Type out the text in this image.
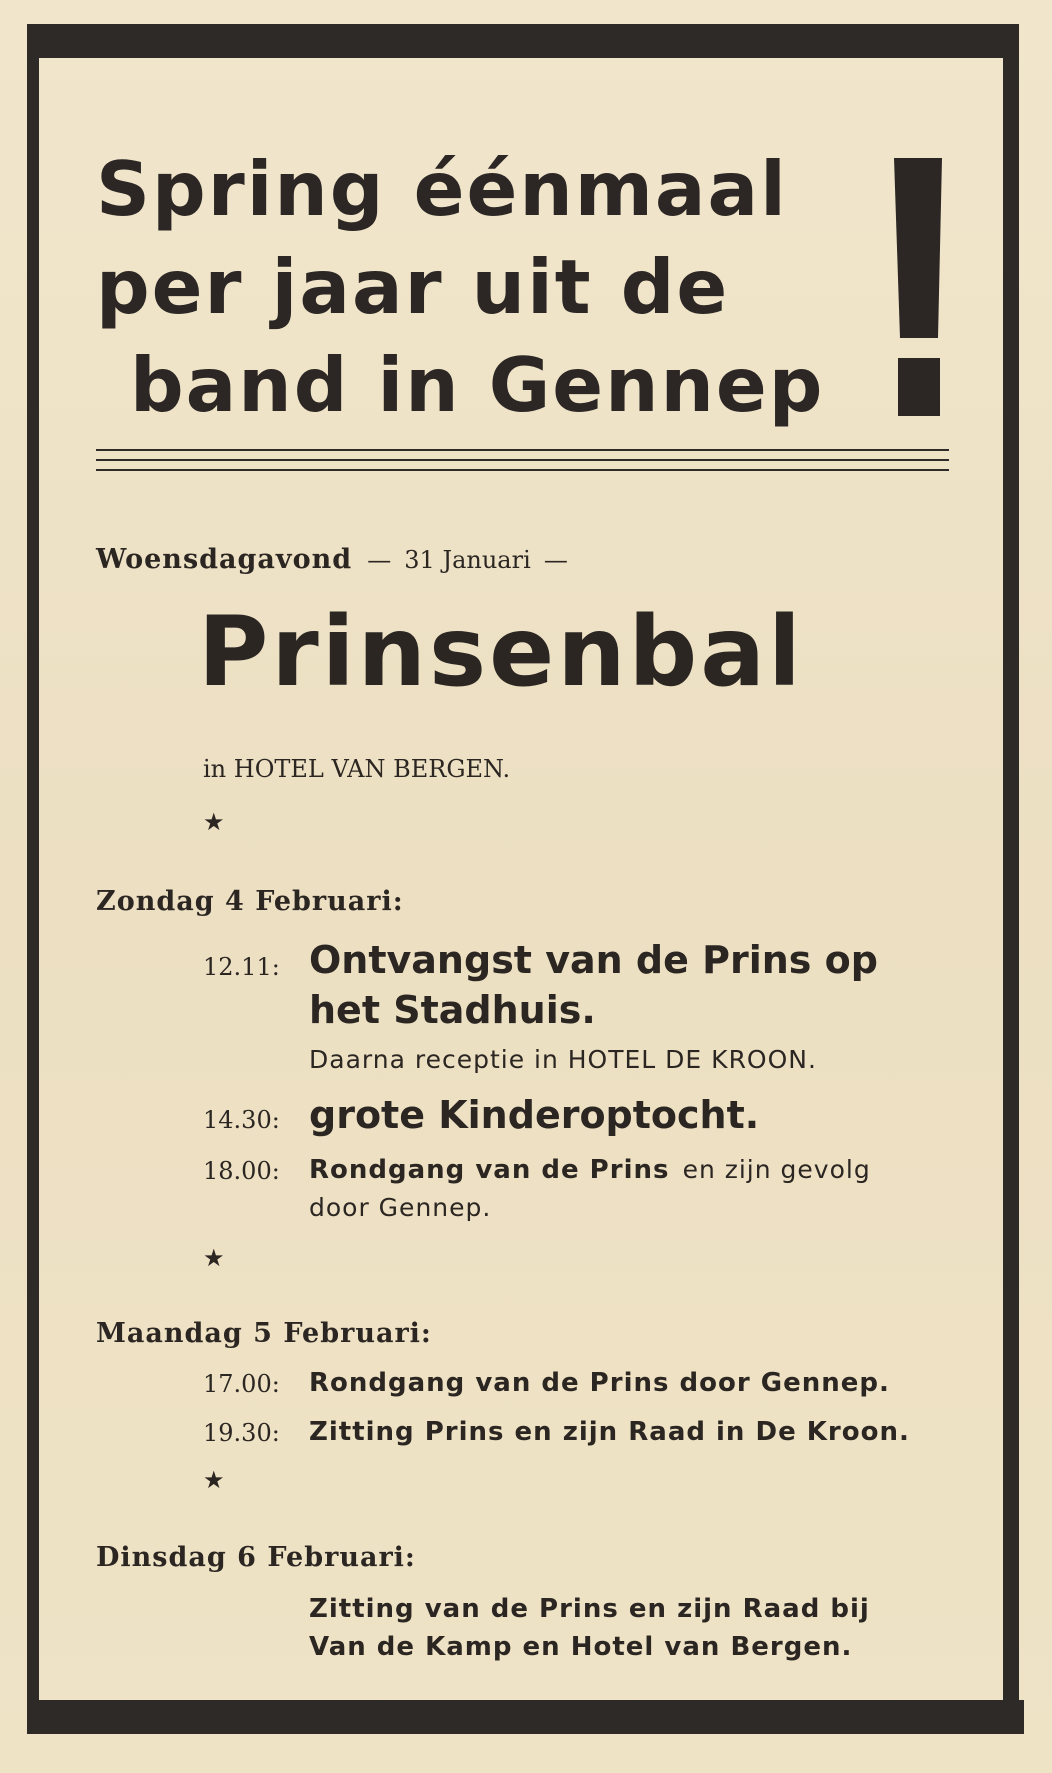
Spring éénmaal
per jaar uit de
band in Gennep
Woensdagavond — 31 Januari —
Prinsenbal
in HOTEL VAN BERGEN.
★
Zondag 4 Februari:
12.11: Ontvangst van de Prins op
het Stadhuis.
Daarna receptie in HOTEL DE KROON.
14.30: grote Kinderoptocht.
18.00: Rondgang van de Prins en zijn gevolg
door Gennep.
★
Maandag 5 Februari:
17.00: Rondgang van de Prins door Gennep.
19.30: Zitting Prins en zijn Raad in De Kroon.
★
Dinsdag 6 Februari:
Zitting van de Prins en zijn Raad bij
Van de Kamp en Hotel van Bergen.
